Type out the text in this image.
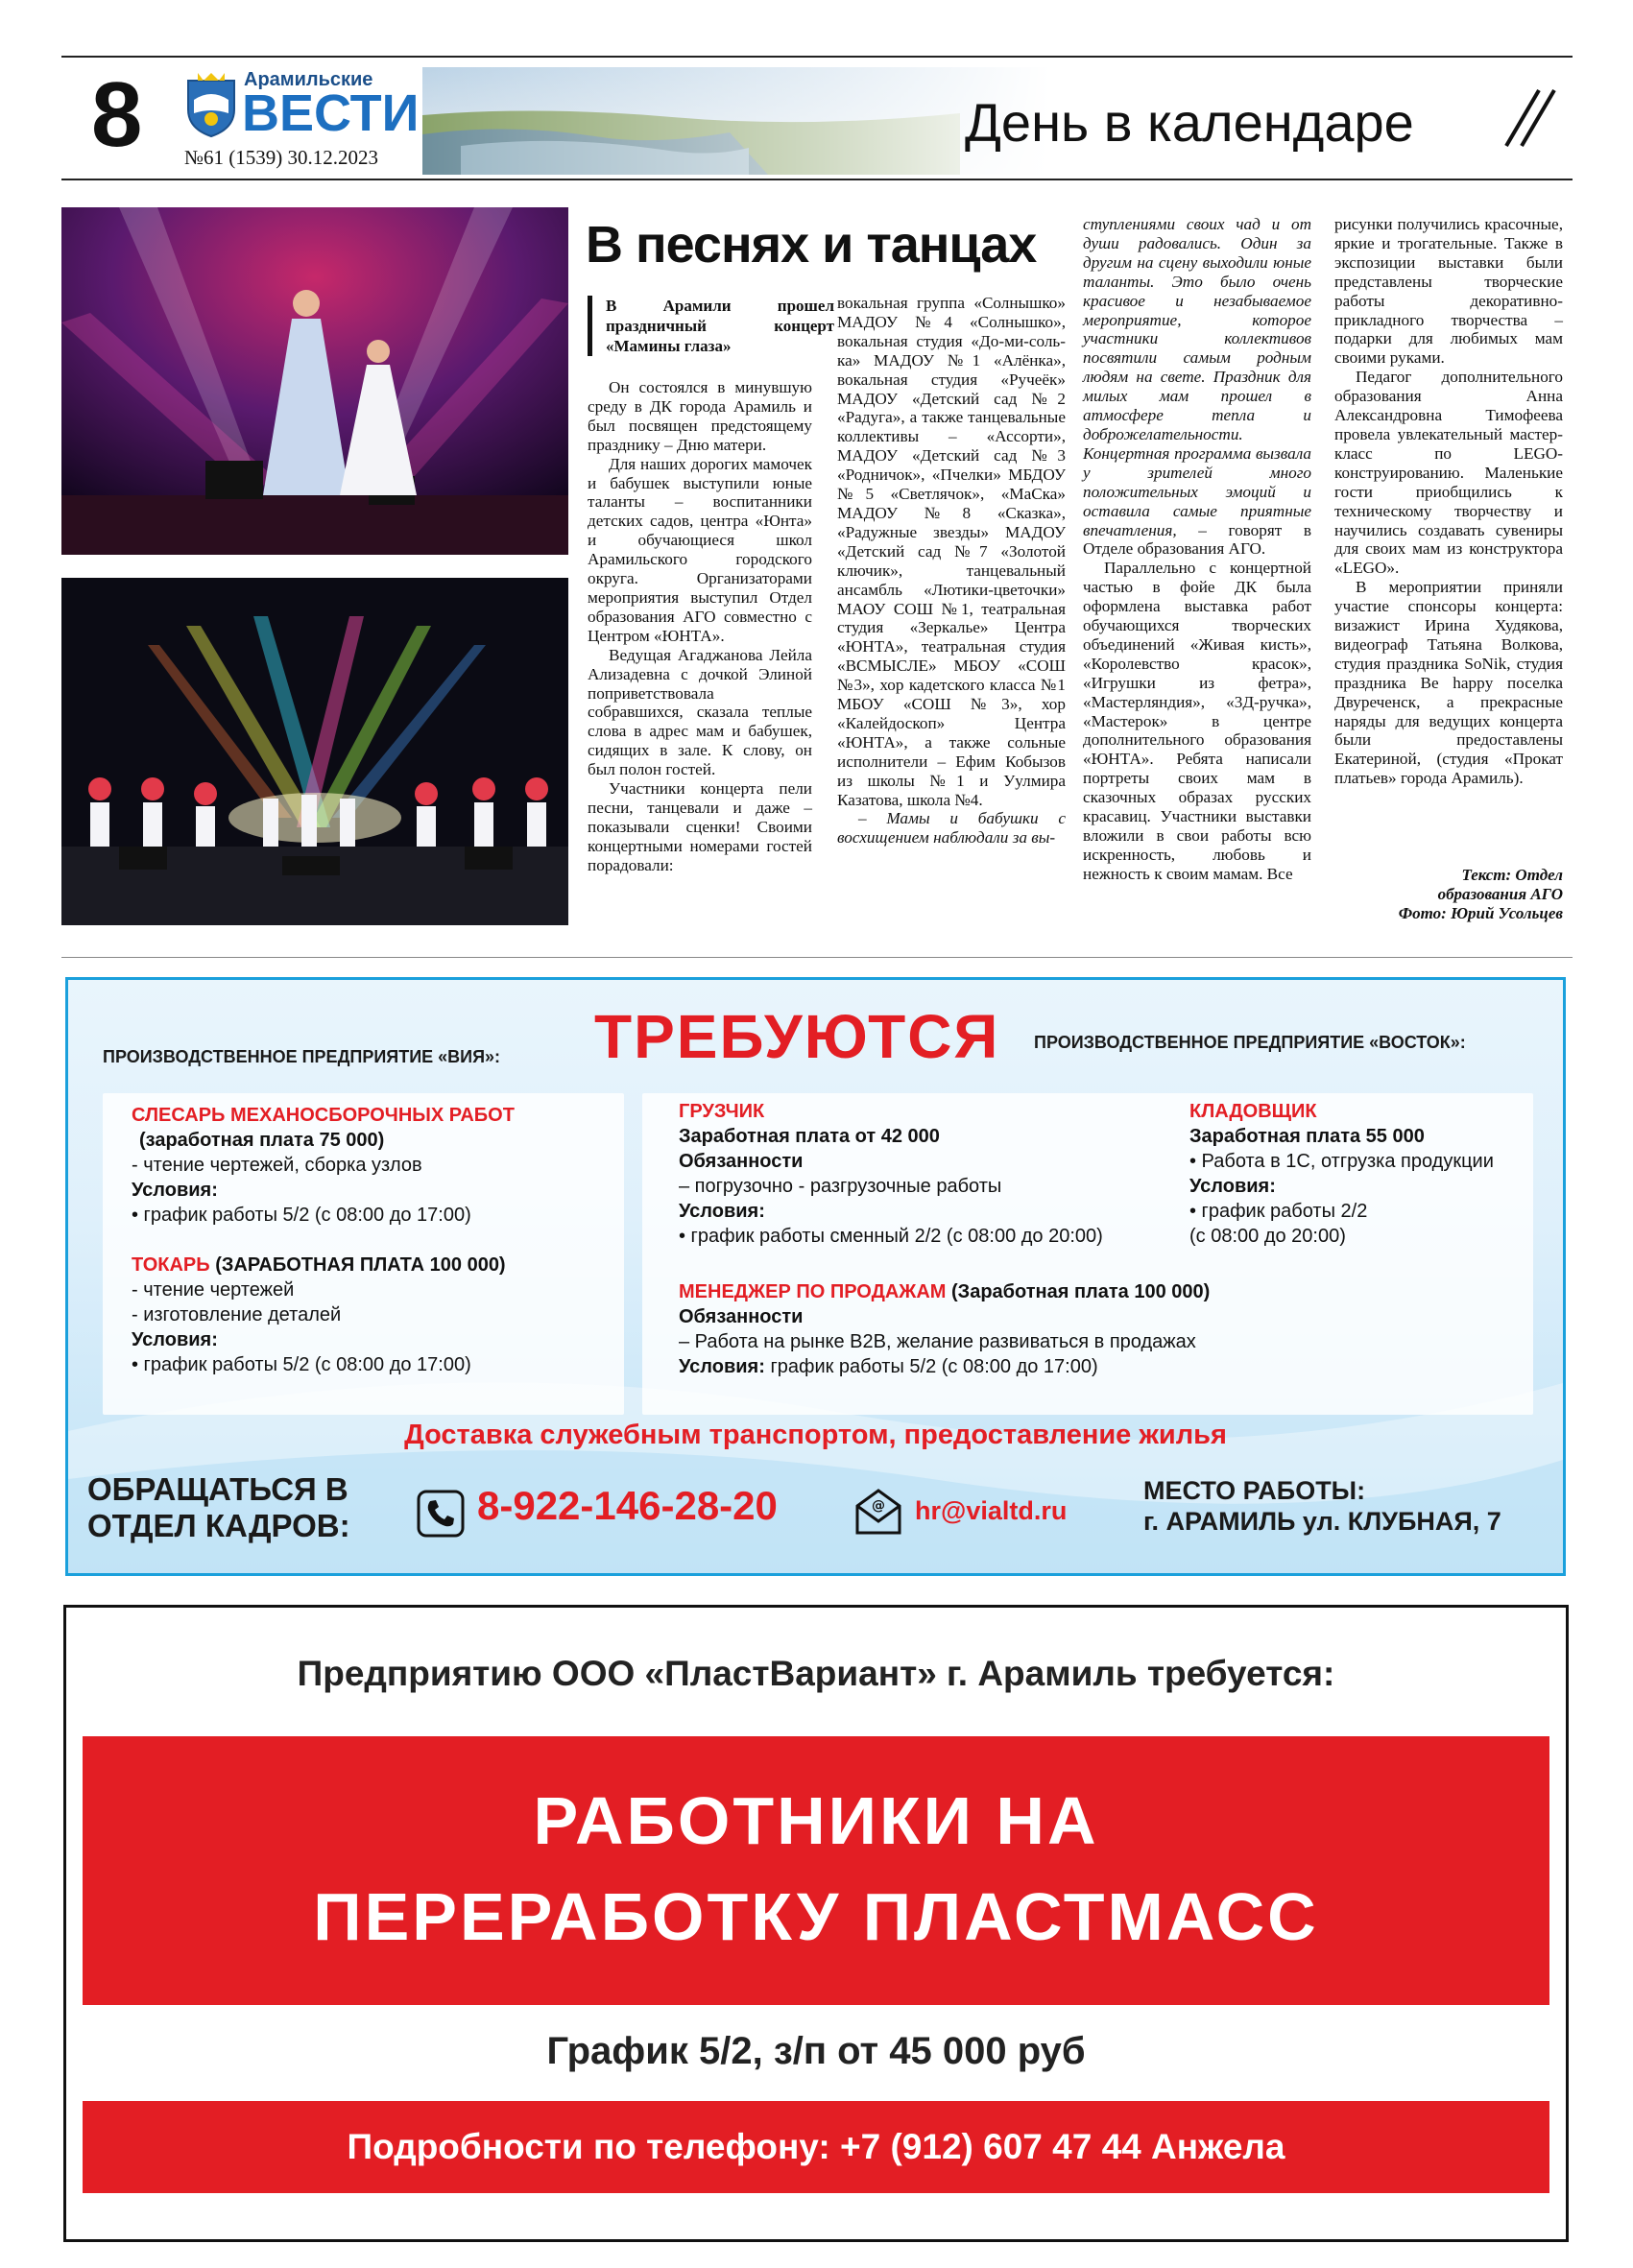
8	Арамильские
ВЕСТИ
№61 (1539) 30.12.2023
День в календаре
В песнях и танцах
В Арамили прошел праздничный концерт «Мамины глаза»

Он состоялся в минувшую среду в ДК города Арамиль и был посвящен предстоящему празднику – Дню матери.

Для наших дорогих мамочек и бабушек выступили юные таланты – воспитанники детских садов, центра «Юнта» и обучающиеся школ Арамильского городского округа. Организаторами мероприятия выступил Отдел образования АГО совместно с Центром «ЮНТА».

Ведущая Агаджанова Лейла Ализадевна с дочкой Элиной поприветствовала собравшихся, сказала теплые слова в адрес мам и бабушек, сидящих в зале. К слову, он был полон гостей.

Участники концерта пели песни, танцевали и даже – показывали сценки! Своими концертными номерами гостей порадовали:

вокальная группа «Солнышко» МАДОУ №4 «Солнышко», вокальная студия «До-ми-соль-ка» МАДОУ №1 «Алёнка», вокальная студия «Ручеёк» МАДОУ «Детский сад №2 «Радуга», а также танцевальные коллективы – «Ассорти», МАДОУ «Детский сад №3 «Родничок», «Пчелки» МБДОУ №5 «Светлячок», «МаСка» МАДОУ №8 «Сказка», «Радужные звезды» МАДОУ «Детский сад №7 «Золотой ключик», танцевальный ансамбль «Лютики-цветочки» МАОУ СОШ №1, театральная студия «Зеркалье» Центра «ЮНТА», театральная студия «ВСМЫСЛЕ» МБОУ «СОШ №3», хор кадетского класса №1 МБОУ «СОШ №3», хор «Калейдоскоп» Центра «ЮНТА», а также сольные исполнители – Ефим Кобызов из школы №1 и Уулмира Казатова, школа №4.

– Мамы и бабушки с восхищением наблюдали за вы-

ступлениями своих чад и от души радовались. Один за другим на сцену выходили юные таланты. Это было очень красивое и незабываемое мероприятие, которое участники коллективов посвятили самым родным людям на свете. Праздник для милых мам прошел в атмосфере тепла и доброжелательности. Концертная программа вызвала у зрителей много положительных эмоций и оставила самые приятные впечатления, – говорят в Отделе образования АГО.

Параллельно с концертной частью в фойе ДК была оформлена выставка работ обучающихся творческих объединений «Живая кисть», «Королевство красок», «Игрушки из фетра», «Мастерляндия», «3Д-ручка», «Мастерок» в центре дополнительного образования «ЮНТА». Ребята написали портреты своих мам в сказочных образах русских красавиц. Участники выставки вложили в свои работы всю искренность, любовь и нежность к своим мамам. Все

рисунки получились красочные, яркие и трогательные. Также в экспозиции выставки были представлены творческие работы декоративно-прикладного творчества – подарки для любимых мам своими руками.

Педагог дополнительного образования Анна Александровна Тимофеева провела увлекательный мастер-класс по LEGO-конструированию. Маленькие гости приобщились к техническому творчеству и научились создавать сувениры для своих мам из конструктора «LEGO».

В мероприятии приняли участие спонсоры концерта: визажист Ирина Худякова, видеограф Татьяна Волкова, студия праздника SoNik, студия праздника Be happy поселка Двуреченск, а прекрасные наряды для ведущих концерта были предоставлены Екатериной, (студия «Прокат платьев» города Арамиль).

Текст: Отдел
образования АГО
Фото: Юрий Усольцев
ПРОИЗВОДСТВЕННОЕ ПРЕДПРИЯТИЕ «ВИЯ»: ТРЕБУЮТСЯ ПРОИЗВОДСТВЕННОЕ ПРЕДПРИЯТИЕ «ВОСТОК»:
СЛЕСАРЬ МЕХАНОСБОРОЧНЫХ РАБОТ
(заработная плата 75 000)
- чтение чертежей, сборка узлов
Условия:
• график работы 5/2 (с 08:00 до 17:00)
ТОКАРЬ (ЗАРАБОТНАЯ ПЛАТА 100 000)
- чтение чертежей
- изготовление деталей
Условия:
• график работы 5/2 (с 08:00 до 17:00)
ГРУЗЧИК
Заработная плата от 42 000
Обязанности
– погрузочно - разгрузочные работы
Условия:
• график работы сменный 2/2 (с 08:00 до 20:00)
КЛАДОВЩИК
Заработная плата 55 000
• Работа в 1С, отгрузка продукции
Условия:
• график работы 2/2
(с 08:00 до 20:00)
МЕНЕДЖЕР ПО ПРОДАЖАМ (Заработная плата 100 000)
Обязанности
– Работа на рынке B2B, желание развиваться в продажах
Условия: график работы 5/2 (с 08:00 до 17:00)
Доставка служебным транспортом, предоставление жилья
ОБРАЩАТЬСЯ В
ОТДЕЛ КАДРОВ:	8-922-146-28-20	@ hr@vialtd.ru
МЕСТО РАБОТЫ:
г. АРАМИЛЬ ул. КЛУБНАЯ, 7
Предприятию ООО «ПластВариант» г. Арамиль требуется:
РАБОТНИКИ НА
ПЕРЕРАБОТКУ ПЛАСТМАСС
График 5/2, з/п от 45 000 руб
Подробности по телефону: +7 (912) 607 47 44 Анжела
